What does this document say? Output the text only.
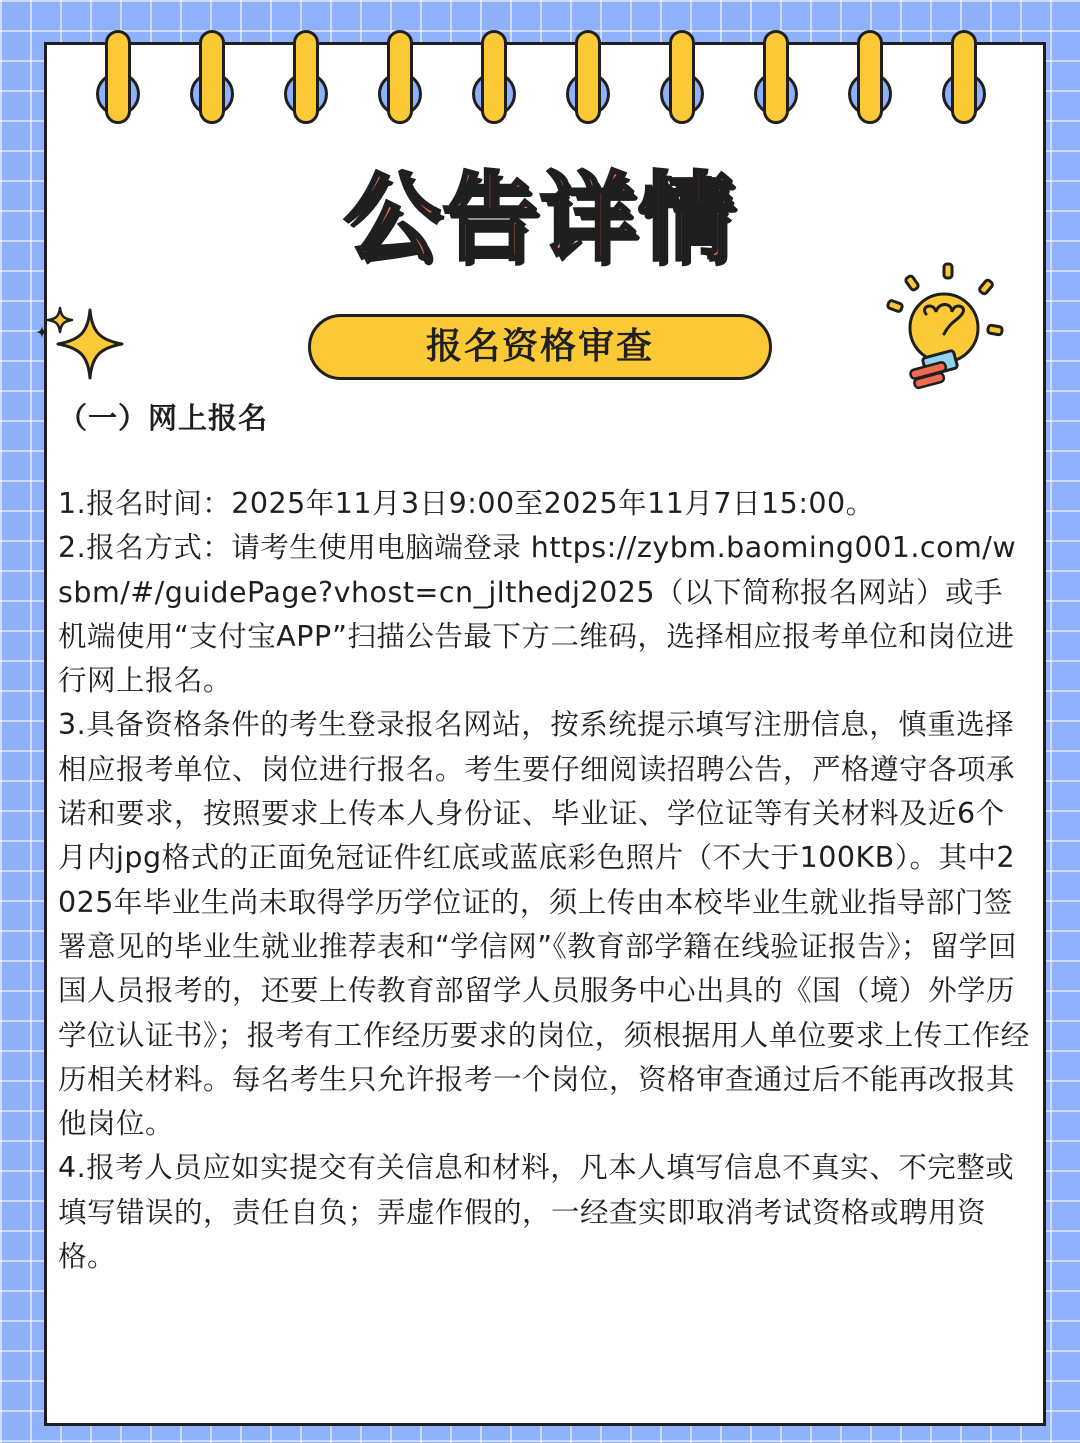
公告详情
报名资格审查
（一）网上报名

1.报名时间：2025年11月3日9:00至2025年11月7日15:00。

2.报名方式：请考生使用电脑端登录 https://zybm.baoming001.com/wsbm/#/guidePage?vhost=cn_jlthedj2025（以下简称报名网站）或手机端使用“支付宝APP”扫描公告最下方二维码，选择相应报考单位和岗位进行网上报名。

3.具备资格条件的考生登录报名网站，按系统提示填写注册信息，慎重选择相应报考单位、岗位进行报名。考生要仔细阅读招聘公告，严格遵守各项承诺和要求，按照要求上传本人身份证、毕业证、学位证等有关材料及近6个月内jpg格式的正面免冠证件红底或蓝底彩色照片（不大于100KB）。其中2025年毕业生尚未取得学历学位证的，须上传由本校毕业生就业指导部门签署意见的毕业生就业推荐表和“学信网”《教育部学籍在线验证报告》；留学回国人员报考的，还要上传教育部留学人员服务中心出具的《国（境）外学历学位认证书》；报考有工作经历要求的岗位，须根据用人单位要求上传工作经历相关材料。每名考生只允许报考一个岗位，资格审查通过后不能再改报其他岗位。

4.报考人员应如实提交有关信息和材料，凡本人填写信息不真实、不完整或填写错误的，责任自负；弄虚作假的，一经查实即取消考试资格或聘用资格。
